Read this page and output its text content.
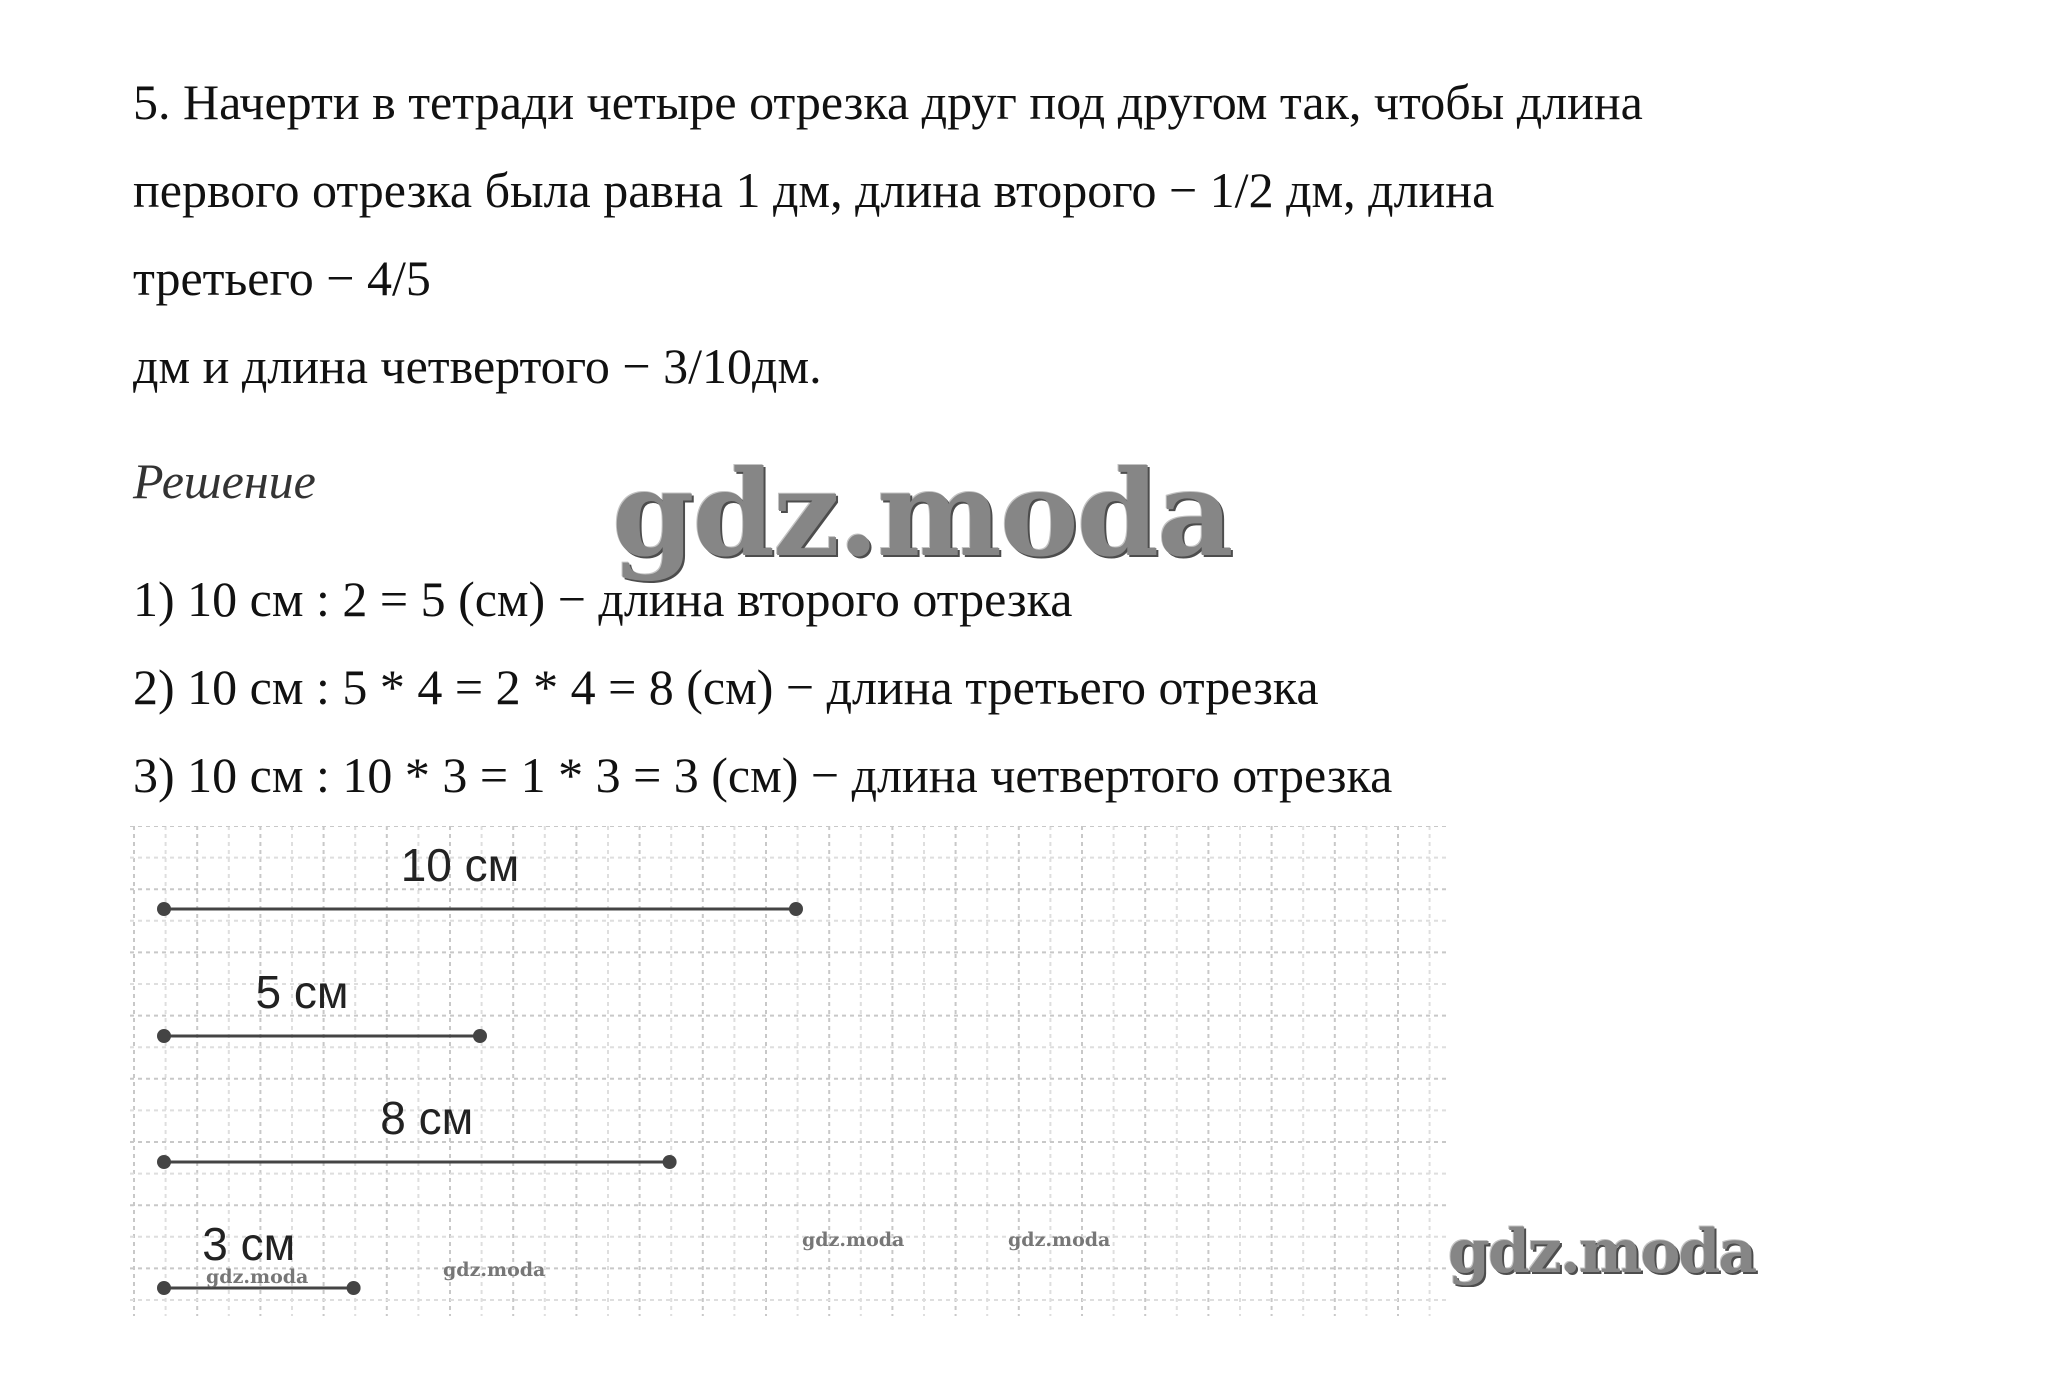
5. Начерти в тетради четыре отрезка друг под другом так, чтобы длина
первого отрезка была равна 1 дм, длина второго − 1/2 дм, длина
третьего − 4/5
дм и длина четвертого − 3/10дм.
Решение	gdz.moda
1) 10 см : 2 = 5 (см) − длина второго отрезка
2) 10 см : 5 * 4 = 2 * 4 = 8 (см) − длина третьего отрезка
3) 10 см : 10 * 3 = 1 * 3 = 3 (см) − длина четвертого отрезка
10 см
5 см
8 см
3 см
gdz.moda	gdz.moda
gdz.moda	gdz.moda	gdz.moda
